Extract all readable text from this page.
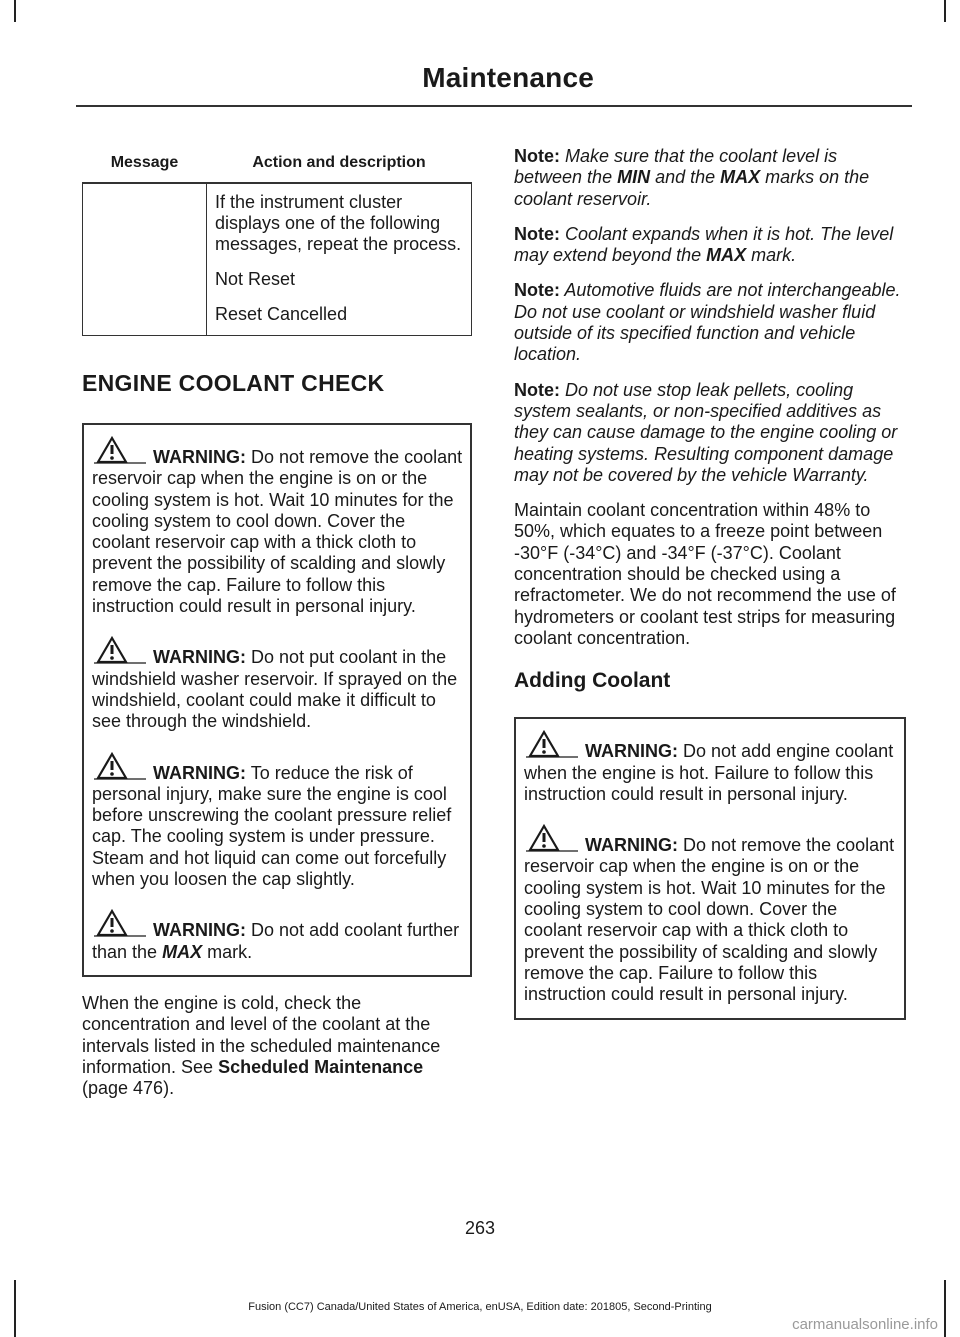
Maintenance
Message	Action and description

	If the instrument cluster displays one of the following messages, repeat the process.

Not Reset

Reset Cancelled

ENGINE COOLANT CHECK
WARNING: Do not remove the coolant reservoir cap when the engine is on or the cooling system is hot. Wait 10 minutes for the cooling system to cool down. Cover the coolant reservoir cap with a thick cloth to prevent the possibility of scalding and slowly remove the cap. Failure to follow this instruction could result in personal injury.
WARNING: Do not put coolant in the windshield washer reservoir. If sprayed on the windshield, coolant could make it difficult to see through the windshield.
WARNING: To reduce the risk of personal injury, make sure the engine is cool before unscrewing the coolant pressure relief cap. The cooling system is under pressure. Steam and hot liquid can come out forcefully when you loosen the cap slightly.
WARNING: Do not add coolant further than the MAX mark.

When the engine is cold, check the concentration and level of the coolant at the intervals listed in the scheduled maintenance information. See Scheduled Maintenance (page 476).

Note: Make sure that the coolant level is between the MIN and the MAX marks on the coolant reservoir.

Note: Coolant expands when it is hot. The level may extend beyond the MAX mark.

Note: Automotive fluids are not interchangeable. Do not use coolant or windshield washer fluid outside of its specified function and vehicle location.

Note: Do not use stop leak pellets, cooling system sealants, or non-specified additives as they can cause damage to the engine cooling or heating systems. Resulting component damage may not be covered by the vehicle Warranty.

Maintain coolant concentration within 48% to 50%, which equates to a freeze point between -30°F (-34°C) and -34°F (-37°C). Coolant concentration should be checked using a refractometer. We do not recommend the use of hydrometers or coolant test strips for measuring coolant concentration.

Adding Coolant
WARNING: Do not add engine coolant when the engine is hot. Failure to follow this instruction could result in personal injury.
WARNING: Do not remove the coolant reservoir cap when the engine is on or the cooling system is hot. Wait 10 minutes for the cooling system to cool down. Cover the coolant reservoir cap with a thick cloth to prevent the possibility of scalding and slowly remove the cap. Failure to follow this instruction could result in personal injury.
263
Fusion (CC7) Canada/United States of America, enUSA, Edition date: 201805, Second-Printing
carmanualsonline.info
